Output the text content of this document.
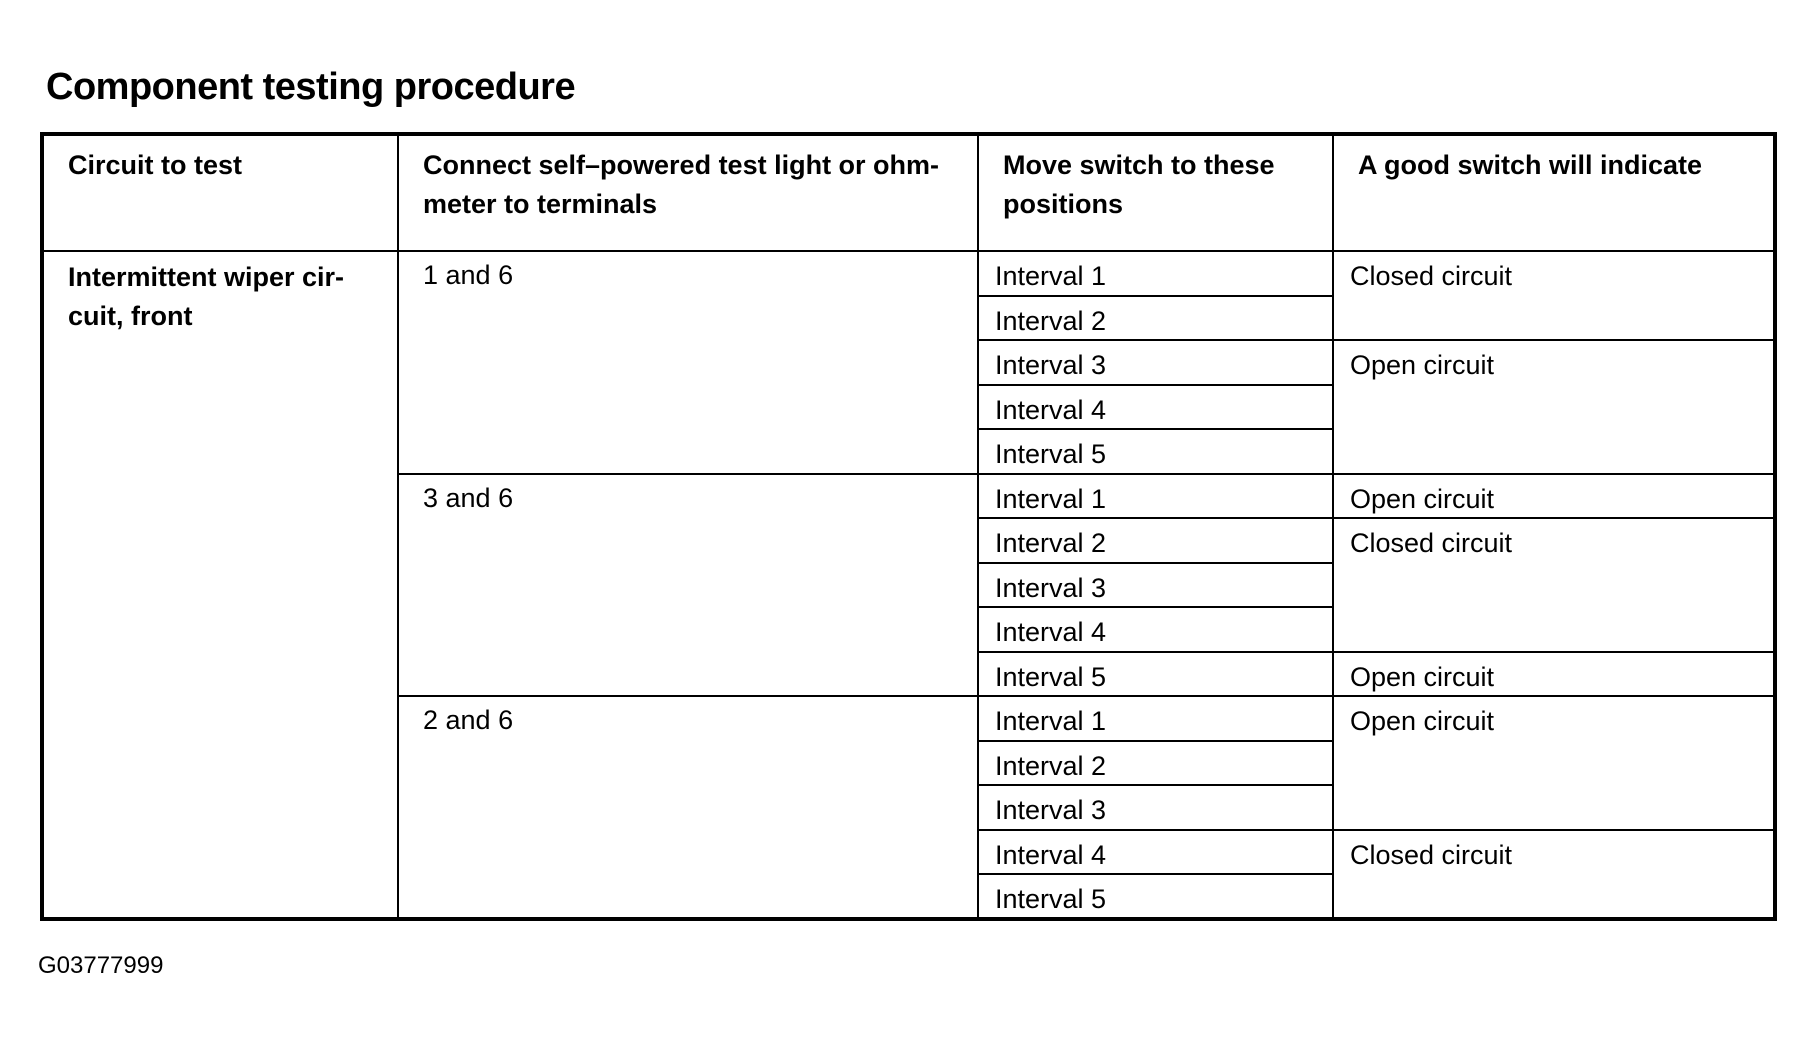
Component testing procedure
Circuit to test	Connect self–powered test light or ohm- meter to terminals	Move switch to these positions	A good switch will indicate
Intermittent wiper cir- cuit, front	1 and 6	Interval 1	Closed circuit
		Interval 2	
		Interval 3	Open circuit
		Interval 4	
		Interval 5	
	3 and 6	Interval 1	Open circuit
		Interval 2	Closed circuit
		Interval 3	
		Interval 4	
		Interval 5	Open circuit
	2 and 6	Interval 1	Open circuit
		Interval 2	
		Interval 3	
		Interval 4	Closed circuit
		Interval 5	
G03777999
